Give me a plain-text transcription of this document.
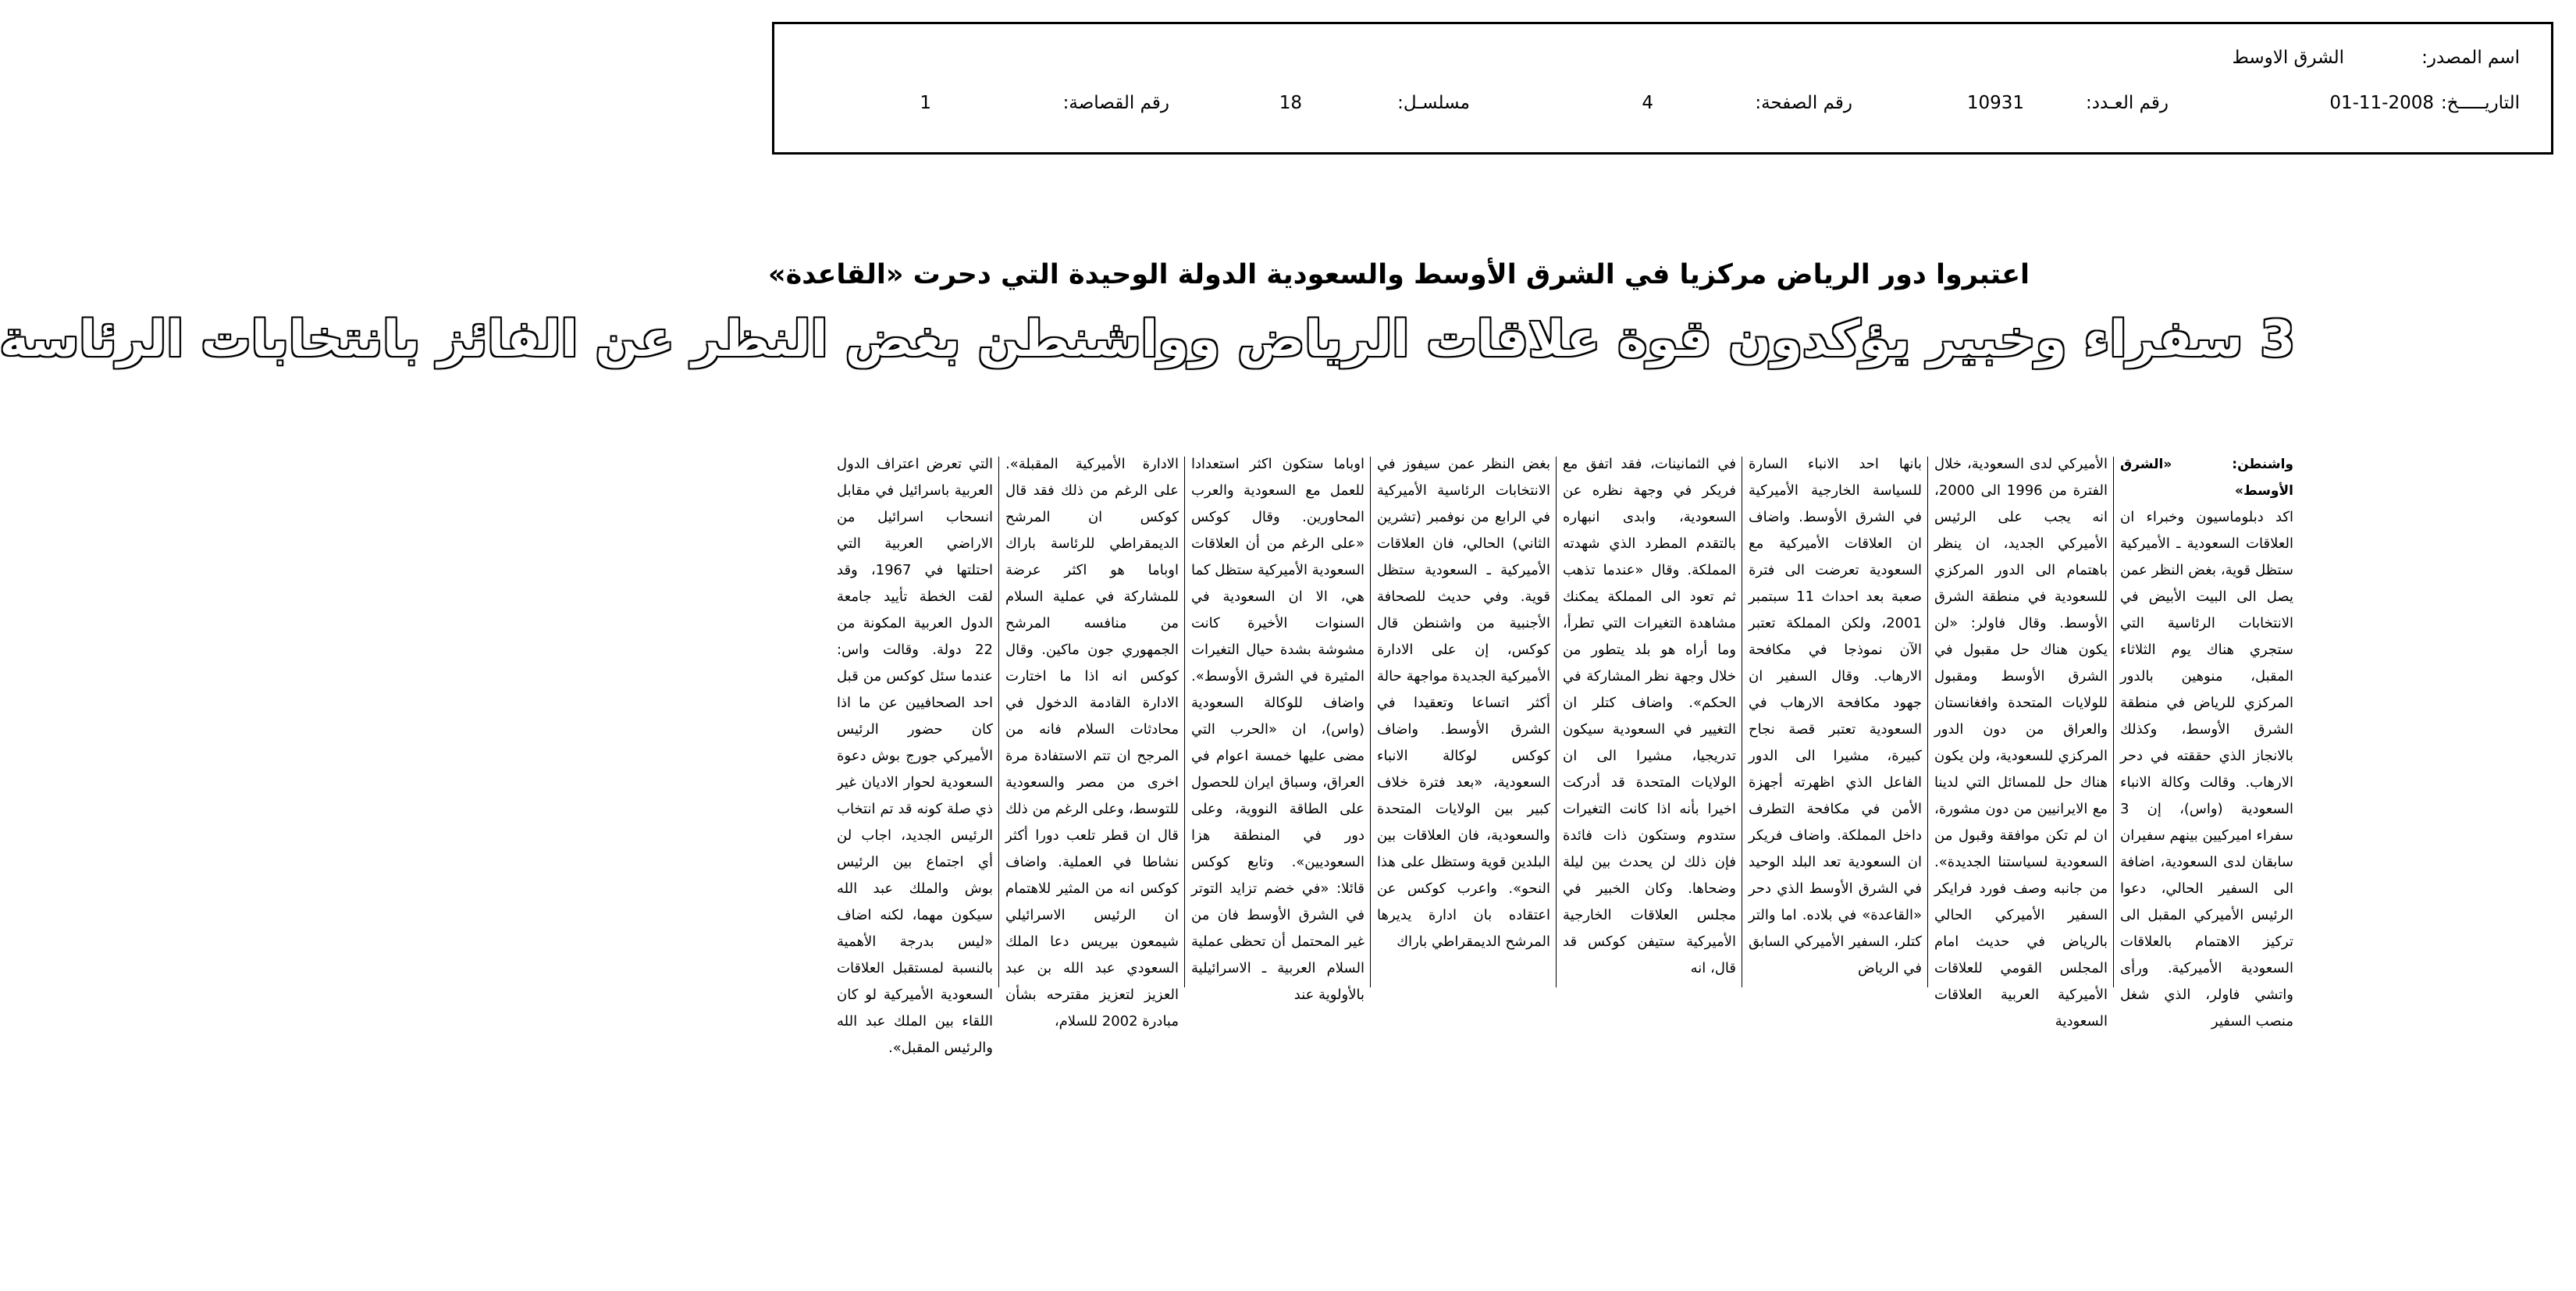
اسم المصدر:
الشرق الاوسط
التاريـــــخ:
01-11-2008
رقم العـدد:
10931
رقم الصفحة:
4
مسلسـل:
18
رقم القصاصة:
1
اعتبروا دور الرياض مركزيا في الشرق الأوسط والسعودية الدولة الوحيدة التي دحرت «القاعدة»
3 سفراء وخبير يؤكدون قوة علاقات الرياض وواشنطن بغض النظر عن الفائز بانتخابات الرئاسة

واشنطن: «الشرق الأوسط»

اكد دبلوماسيون وخبراء ان العلاقات السعودية ـ الأميركية ستظل قوية، بغض النظر عمن يصل الى البيت الأبيض في الانتخابات الرئاسية التي ستجري هناك يوم الثلاثاء المقبل، منوهين بالدور المركزي للرياض في منطقة الشرق الأوسط، وكذلك بالانجاز الذي حققته في دحر الارهاب. وقالت وكالة الانباء السعودية (واس)، إن 3 سفراء اميركيين بينهم سفيران سابقان لدى السعودية، اضافة الى السفير الحالي، دعوا الرئيس الأميركي المقبل الى تركيز الاهتمام بالعلاقات السعودية الأميركية. ورأى واتشي فاولر، الذي شغل منصب السفير

الأميركي لدى السعودية، خلال الفترة من 1996 الى 2000، انه يجب على الرئيس الأميركي الجديد، ان ينظر باهتمام الى الدور المركزي للسعودية في منطقة الشرق الأوسط. وقال فاولر: «لن يكون هناك حل مقبول في الشرق الأوسط ومقبول للولايات المتحدة وافغانستان والعراق من دون الدور المركزي للسعودية، ولن يكون هناك حل للمسائل التي لدينا مع الايرانيين من دون مشورة، ان لم تكن موافقة وقبول من السعودية لسياستنا الجديدة». من جانبه وصف فورد فرايكر السفير الأميركي الحالي بالرياض في حديث امام المجلس القومي للعلاقات الأميركية العربية العلاقات السعودية

بانها احد الانباء السارة للسياسة الخارجية الأميركية في الشرق الأوسط. واضاف ان العلاقات الأميركية مع السعودية تعرضت الى فترة صعبة بعد احداث 11 سبتمبر 2001، ولكن المملكة تعتبر الآن نموذجا في مكافحة الارهاب. وقال السفير ان جهود مكافحة الارهاب في السعودية تعتبر قصة نجاح كبيرة، مشيرا الى الدور الفاعل الذي اظهرته أجهزة الأمن في مكافحة التطرف داخل المملكة. واضاف فريكر ان السعودية تعد البلد الوحيد في الشرق الأوسط الذي دحر «القاعدة» في بلاده. اما والتر كتلر، السفير الأميركي السابق في الرياض

في الثمانينات، فقد اتفق مع فريكر في وجهة نظره عن السعودية، وابدى انبهاره بالتقدم المطرد الذي شهدته المملكة. وقال «عندما تذهب ثم تعود الى المملكة يمكنك مشاهدة التغيرات التي تطرأ، وما أراه هو بلد يتطور من خلال وجهة نظر المشاركة في الحكم». واضاف كتلر ان التغيير في السعودية سيكون تدريجيا، مشيرا الى ان الولايات المتحدة قد أدركت اخيرا بأنه اذا كانت التغيرات ستدوم وستكون ذات فائدة فإن ذلك لن يحدث بين ليلة وضحاها. وكان الخبير في مجلس العلاقات الخارجية الأميركية ستيفن كوكس قد قال، انه

بغض النظر عمن سيفوز في الانتخابات الرئاسية الأميركية في الرابع من نوفمبر (تشرين الثاني) الحالي، فان العلاقات الأميركية ـ السعودية ستظل قوية. وفي حديث للصحافة الأجنبية من واشنطن قال كوكس، إن على الادارة الأميركية الجديدة مواجهة حالة أكثر اتساعا وتعقيدا في الشرق الأوسط. واضاف كوكس لوكالة الانباء السعودية، «بعد فترة خلاف كبير بين الولايات المتحدة والسعودية، فان العلاقات بين البلدين قوية وستظل على هذا النحو». واعرب كوكس عن اعتقاده بان ادارة يديرها المرشح الديمقراطي باراك

اوباما ستكون اكثر استعدادا للعمل مع السعودية والعرب المحاورين. وقال كوكس «على الرغم من أن العلاقات السعودية الأميركية ستظل كما هي، الا ان السعودية في السنوات الأخيرة كانت مشوشة بشدة حيال التغيرات المثيرة في الشرق الأوسط». واضاف للوكالة السعودية (واس)، ان «الحرب التي مضى عليها خمسة اعوام في العراق، وسباق ايران للحصول على الطاقة النووية، وعلى دور في المنطقة هزا السعوديين». وتابع كوكس قائلا: «في خضم تزايد التوتر في الشرق الأوسط فان من غير المحتمل أن تحظى عملية السلام العربية ـ الاسرائيلية بالأولوية عند

الادارة الأميركية المقبلة». على الرغم من ذلك فقد قال كوكس ان المرشح الديمقراطي للرئاسة باراك اوباما هو اكثر عرضة للمشاركة في عملية السلام من منافسه المرشح الجمهوري جون ماكين. وقال كوكس انه اذا ما اختارت الادارة القادمة الدخول في محادثات السلام فانه من المرجح ان تتم الاستفادة مرة اخرى من مصر والسعودية للتوسط، وعلى الرغم من ذلك قال ان قطر تلعب دورا أكثر نشاطا في العملية. واضاف كوكس انه من المثير للاهتمام ان الرئيس الاسرائيلي شيمعون بيريس دعا الملك السعودي عبد الله بن عبد العزيز لتعزيز مقترحه بشأن مبادرة 2002 للسلام،

التي تعرض اعتراف الدول العربية باسرائيل في مقابل انسحاب اسرائيل من الاراضي العربية التي احتلتها في 1967، وقد لقت الخطة تأييد جامعة الدول العربية المكونة من 22 دولة. وقالت واس: عندما سئل كوكس من قبل احد الصحافيين عن ما اذا كان حضور الرئيس الأميركي جورج بوش دعوة السعودية لحوار الاديان غير ذي صلة كونه قد تم انتخاب الرئيس الجديد، اجاب لن أي اجتماع بين الرئيس بوش والملك عبد الله سيكون مهما، لكنه اضاف «ليس بدرجة الأهمية بالنسبة لمستقبل العلاقات السعودية الأميركية لو كان اللقاء بين الملك عبد الله والرئيس المقبل».
